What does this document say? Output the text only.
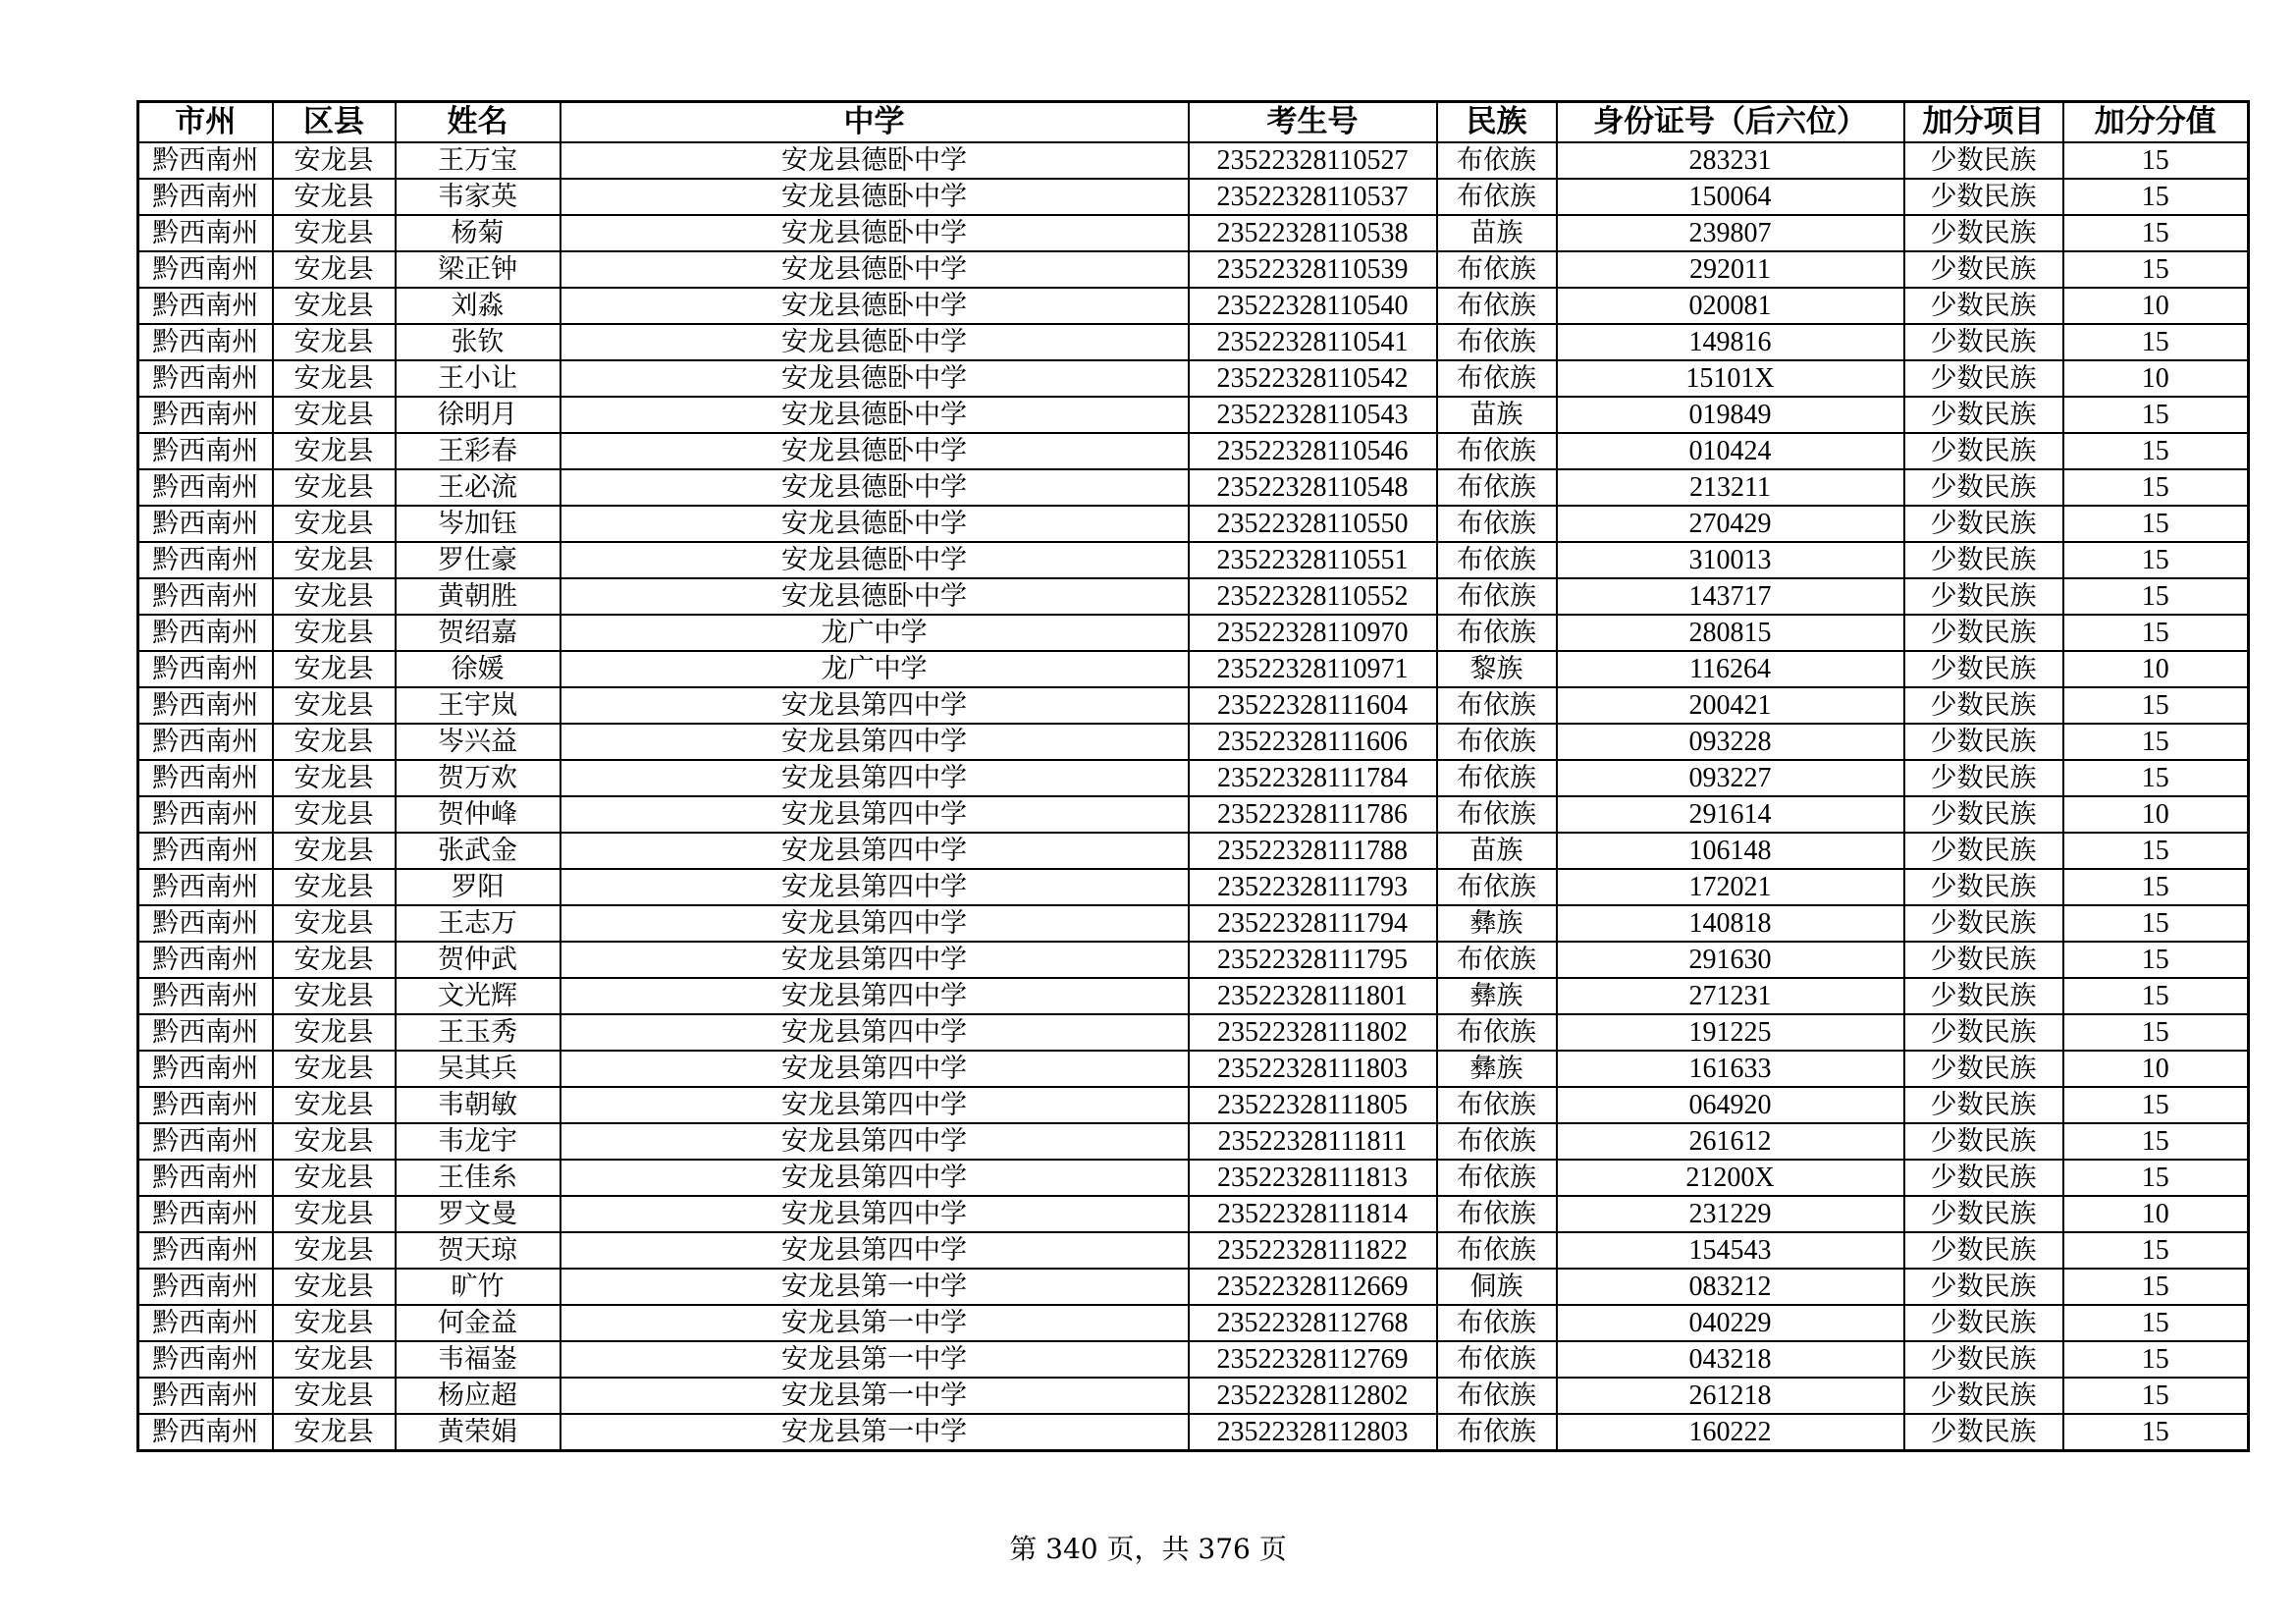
市州	区县	姓名	中学	考生号	民族	身份证号（后六位）	加分项目	加分分值
黔西南州	安龙县	王万宝	安龙县德卧中学	23522328110527	布依族	283231	少数民族	15
黔西南州	安龙县	韦家英	安龙县德卧中学	23522328110537	布依族	150064	少数民族	15
黔西南州	安龙县	杨菊	安龙县德卧中学	23522328110538	苗族	239807	少数民族	15
黔西南州	安龙县	梁正钟	安龙县德卧中学	23522328110539	布依族	292011	少数民族	15
黔西南州	安龙县	刘淼	安龙县德卧中学	23522328110540	布依族	020081	少数民族	10
黔西南州	安龙县	张钦	安龙县德卧中学	23522328110541	布依族	149816	少数民族	15
黔西南州	安龙县	王小让	安龙县德卧中学	23522328110542	布依族	15101X	少数民族	10
黔西南州	安龙县	徐明月	安龙县德卧中学	23522328110543	苗族	019849	少数民族	15
黔西南州	安龙县	王彩春	安龙县德卧中学	23522328110546	布依族	010424	少数民族	15
黔西南州	安龙县	王必流	安龙县德卧中学	23522328110548	布依族	213211	少数民族	15
黔西南州	安龙县	岑加钰	安龙县德卧中学	23522328110550	布依族	270429	少数民族	15
黔西南州	安龙县	罗仕豪	安龙县德卧中学	23522328110551	布依族	310013	少数民族	15
黔西南州	安龙县	黄朝胜	安龙县德卧中学	23522328110552	布依族	143717	少数民族	15
黔西南州	安龙县	贺绍嘉	龙广中学	23522328110970	布依族	280815	少数民族	15
黔西南州	安龙县	徐媛	龙广中学	23522328110971	黎族	116264	少数民族	10
黔西南州	安龙县	王宇岚	安龙县第四中学	23522328111604	布依族	200421	少数民族	15
黔西南州	安龙县	岑兴益	安龙县第四中学	23522328111606	布依族	093228	少数民族	15
黔西南州	安龙县	贺万欢	安龙县第四中学	23522328111784	布依族	093227	少数民族	15
黔西南州	安龙县	贺仲峰	安龙县第四中学	23522328111786	布依族	291614	少数民族	10
黔西南州	安龙县	张武金	安龙县第四中学	23522328111788	苗族	106148	少数民族	15
黔西南州	安龙县	罗阳	安龙县第四中学	23522328111793	布依族	172021	少数民族	15
黔西南州	安龙县	王志万	安龙县第四中学	23522328111794	彝族	140818	少数民族	15
黔西南州	安龙县	贺仲武	安龙县第四中学	23522328111795	布依族	291630	少数民族	15
黔西南州	安龙县	文光辉	安龙县第四中学	23522328111801	彝族	271231	少数民族	15
黔西南州	安龙县	王玉秀	安龙县第四中学	23522328111802	布依族	191225	少数民族	15
黔西南州	安龙县	吴其兵	安龙县第四中学	23522328111803	彝族	161633	少数民族	10
黔西南州	安龙县	韦朝敏	安龙县第四中学	23522328111805	布依族	064920	少数民族	15
黔西南州	安龙县	韦龙宇	安龙县第四中学	23522328111811	布依族	261612	少数民族	15
黔西南州	安龙县	王佳糸	安龙县第四中学	23522328111813	布依族	21200X	少数民族	15
黔西南州	安龙县	罗文曼	安龙县第四中学	23522328111814	布依族	231229	少数民族	10
黔西南州	安龙县	贺天琼	安龙县第四中学	23522328111822	布依族	154543	少数民族	15
黔西南州	安龙县	旷竹	安龙县第一中学	23522328112669	侗族	083212	少数民族	15
黔西南州	安龙县	何金益	安龙县第一中学	23522328112768	布依族	040229	少数民族	15
黔西南州	安龙县	韦福崟	安龙县第一中学	23522328112769	布依族	043218	少数民族	15
黔西南州	安龙县	杨应超	安龙县第一中学	23522328112802	布依族	261218	少数民族	15
黔西南州	安龙县	黄荣娟	安龙县第一中学	23522328112803	布依族	160222	少数民族	15
第 340 页，共 376 页
